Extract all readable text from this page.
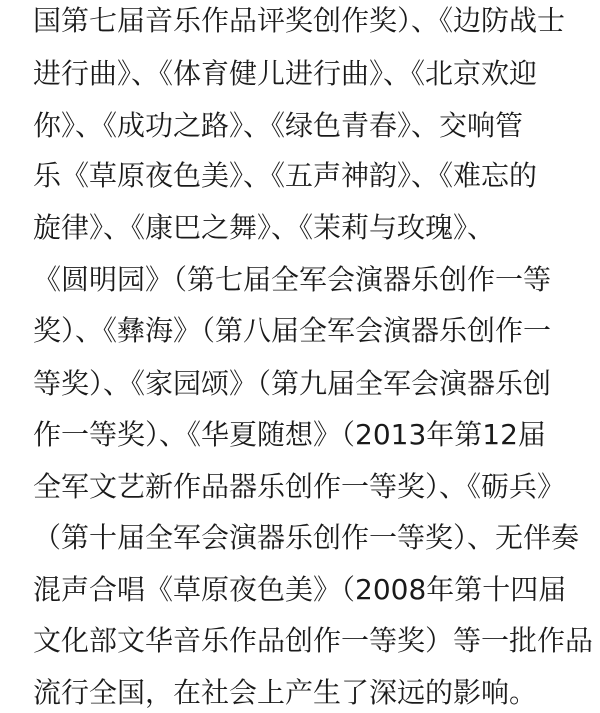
国第七届音乐作品评奖创作奖）、《边防战士
进行曲》、《体育健儿进行曲》、《北京欢迎
你》、《成功之路》、《绿色青春》、交响管
乐《草原夜色美》、《五声神韵》、《难忘的
旋律》、《康巴之舞》、《茉莉与玫瑰》、
《圆明园》（第七届全军会演器乐创作一等
奖）、《彝海》（第八届全军会演器乐创作一
等奖）、《家园颂》（第九届全军会演器乐创
作一等奖）、《华夏随想》（2013年第12届
全军文艺新作品器乐创作一等奖）、《砺兵》
（第十届全军会演器乐创作一等奖）、无伴奏
混声合唱《草原夜色美》（2008年第十四届
文化部文华音乐作品创作一等奖）等一批作品
流行全国，在社会上产生了深远的影响。
